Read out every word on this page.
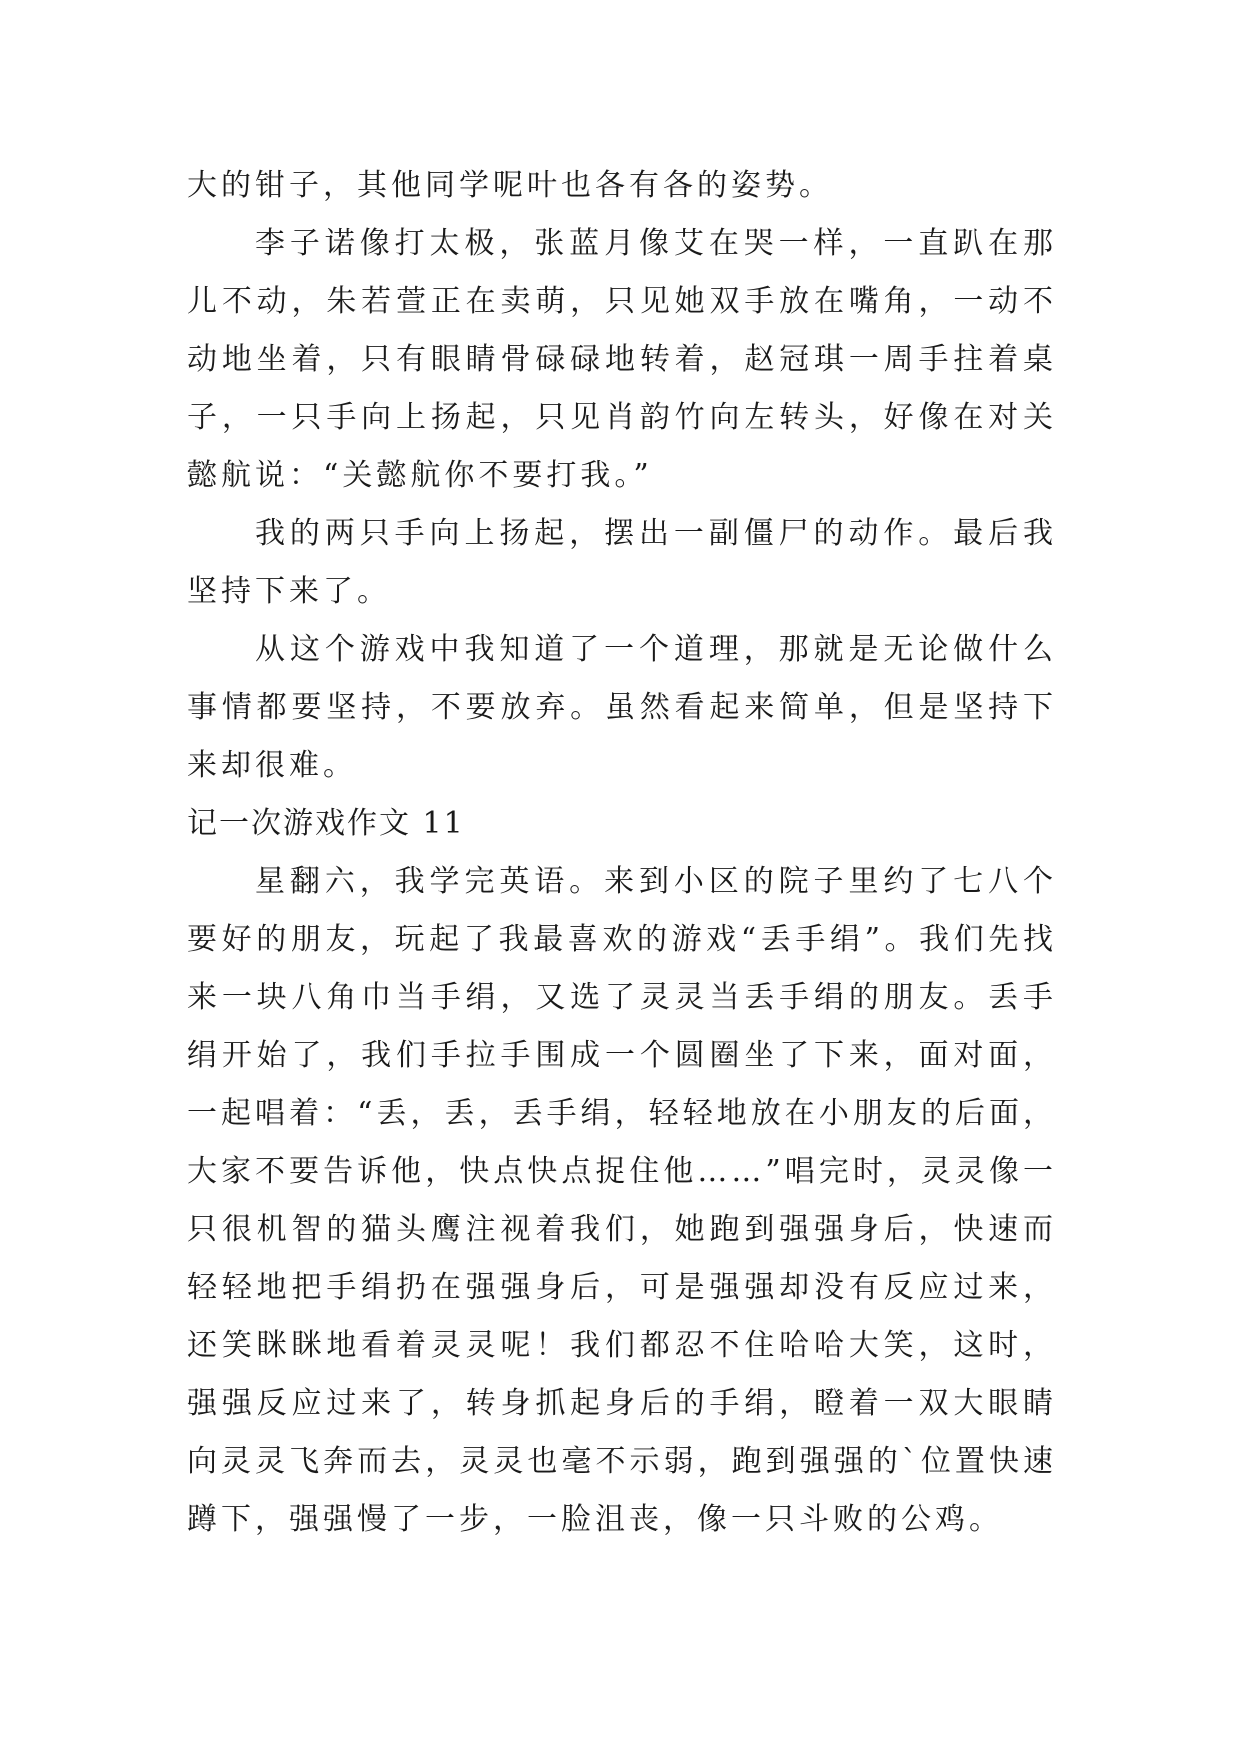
大的钳子，其他同学呢叶也各有各的姿势。

李子诺像打太极，张蓝月像艾在哭一样，一直趴在那儿不动，朱若萱正在卖萌，只见她双手放在嘴角，一动不动地坐着，只有眼睛骨碌碌地转着，赵冠琪一周手拄着桌子，一只手向上扬起，只见肖韵竹向左转头，好像在对关懿航说：“关懿航你不要打我。”

我的两只手向上扬起，摆出一副僵尸的动作。最后我坚持下来了。

从这个游戏中我知道了一个道理，那就是无论做什么事情都要坚持，不要放弃。虽然看起来简单，但是坚持下来却很难。

记一次游戏作文 11

星翻六，我学完英语。来到小区的院子里约了七八个要好的朋友，玩起了我最喜欢的游戏“丢手绢”。我们先找来一块八角巾当手绢，又选了灵灵当丢手绢的朋友。丢手绢开始了，我们手拉手围成一个圆圈坐了下来，面对面，一起唱着：“丢，丢，丢手绢，轻轻地放在小朋友的后面，大家不要告诉他，快点快点捉住他……”唱完时，灵灵像一只很机智的猫头鹰注视着我们，她跑到强强身后，快速而轻轻地把手绢扔在强强身后，可是强强却没有反应过来，还笑眯眯地看着灵灵呢！我们都忍不住哈哈大笑，这时，强强反应过来了，转身抓起身后的手绢，瞪着一双大眼睛向灵灵飞奔而去，灵灵也毫不示弱，跑到强强的`位置快速蹲下，强强慢了一步，一脸沮丧，像一只斗败的公鸡。
